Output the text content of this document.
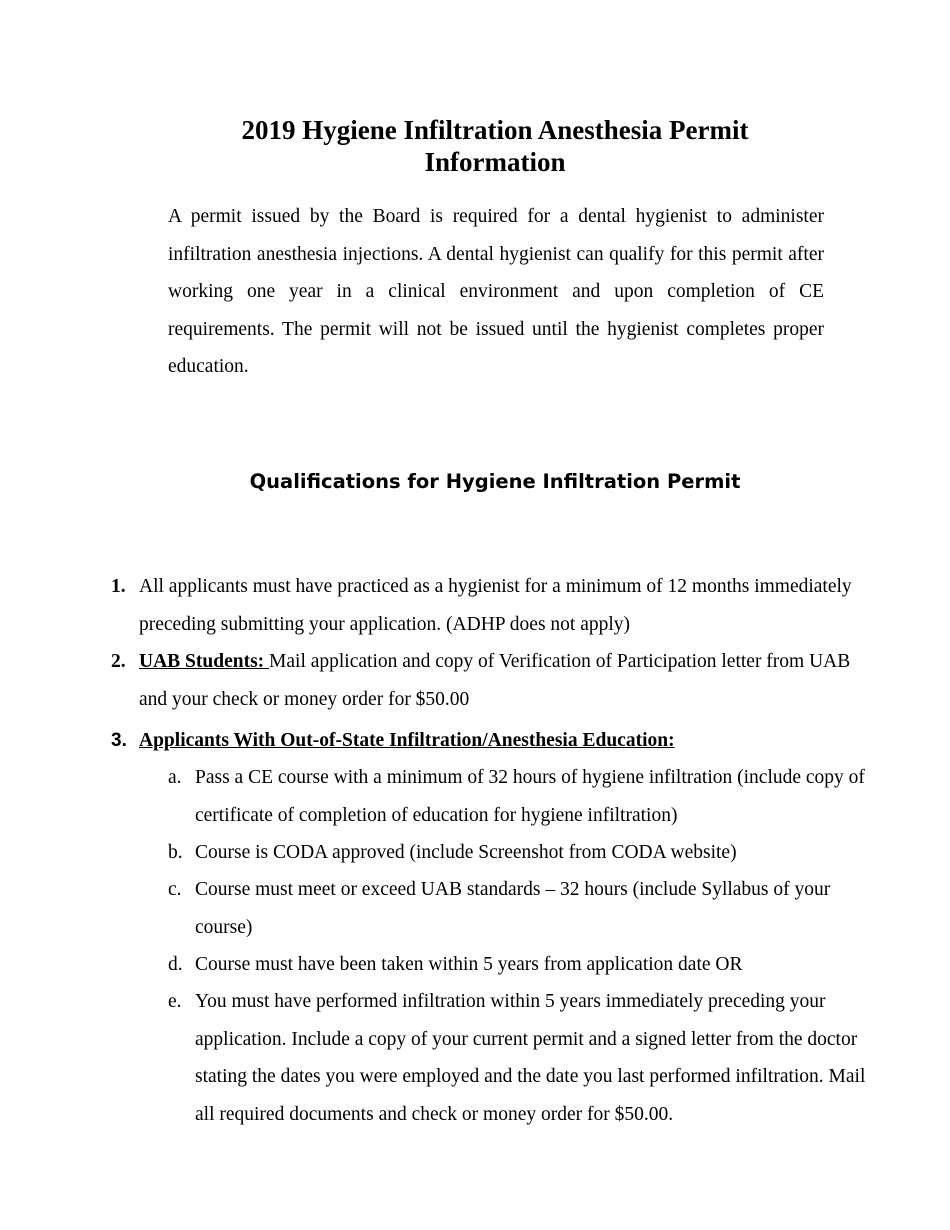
2019 Hygiene Infiltration Anesthesia Permit Information

A permit issued by the Board is required for a dental hygienist to administer infiltration anesthesia injections. A dental hygienist can qualify for this permit after working one year in a clinical environment and upon completion of CE requirements. The permit will not be issued until the hygienist completes proper education.

Qualifications for Hygiene Infiltration Permit
1. All applicants must have practiced as a hygienist for a minimum of 12 months immediately preceding submitting your application. (ADHP does not apply)
2. UAB Students: Mail application and copy of Verification of Participation letter from UAB and your check or money order for $50.00
3. Applicants With Out-of-State Infiltration/Anesthesia Education:
a. Pass a CE course with a minimum of 32 hours of hygiene infiltration (include copy of certificate of completion of education for hygiene infiltration)
b. Course is CODA approved (include Screenshot from CODA website)
c. Course must meet or exceed UAB standards – 32 hours (include Syllabus of your course)
d. Course must have been taken within 5 years from application date OR
e. You must have performed infiltration within 5 years immediately preceding your application. Include a copy of your current permit and a signed letter from the doctor stating the dates you were employed and the date you last performed infiltration. Mail all required documents and check or money order for $50.00.
